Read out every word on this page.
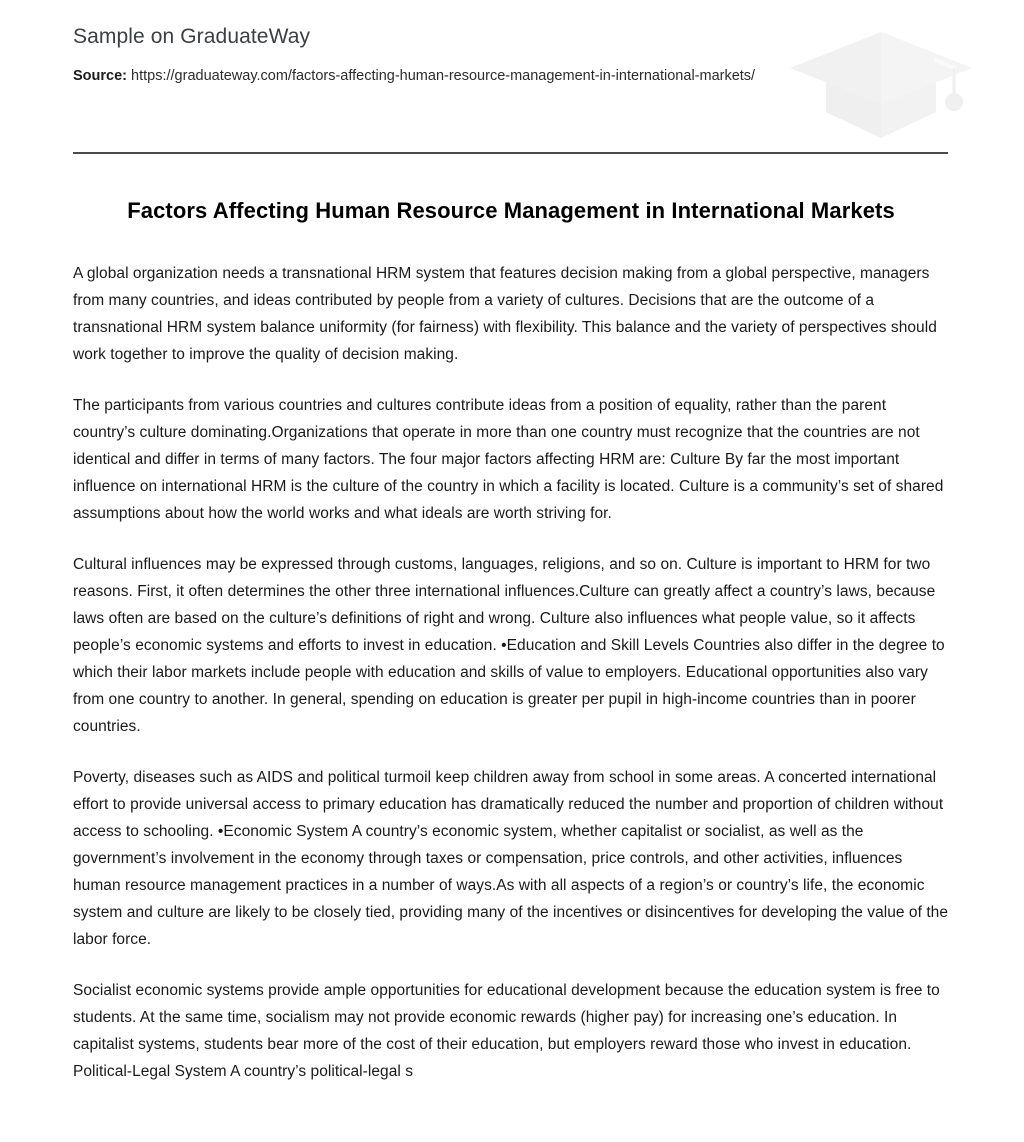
Sample on GraduateWay
Source: https://graduateway.com/factors-affecting-human-resource-management-in-international-markets/
Factors Affecting Human Resource Management in International Markets

A global organization needs a transnational HRM system that features decision making from a global perspective, managers from many countries, and ideas contributed by people from a variety of cultures. Decisions that are the outcome of a transnational HRM system balance uniformity (for fairness) with flexibility. This balance and the variety of perspectives should work together to improve the quality of decision making.

The participants from various countries and cultures contribute ideas from a position of equality, rather than the parent country’s culture dominating.Organizations that operate in more than one country must recognize that the countries are not identical and differ in terms of many factors. The four major factors affecting HRM are: Culture By far the most important influence on international HRM is the culture of the country in which a facility is located. Culture is a community’s set of shared assumptions about how the world works and what ideals are worth striving for.

Cultural influences may be expressed through customs, languages, religions, and so on. Culture is important to HRM for two reasons. First, it often determines the other three international influences.Culture can greatly affect a country’s laws, because laws often are based on the culture’s definitions of right and wrong. Culture also influences what people value, so it affects people’s economic systems and efforts to invest in education. •Education and Skill Levels Countries also differ in the degree to which their labor markets include people with education and skills of value to employers. Educational opportunities also vary from one country to another. In general, spending on education is greater per pupil in high-income countries than in poorer countries.

Poverty, diseases such as AIDS and political turmoil keep children away from school in some areas. A concerted international effort to provide universal access to primary education has dramatically reduced the number and proportion of children without access to schooling. •Economic System A country’s economic system, whether capitalist or socialist, as well as the government’s involvement in the economy through taxes or compensation, price controls, and other activities, influences human resource management practices in a number of ways.As with all aspects of a region’s or country’s life, the economic system and culture are likely to be closely tied, providing many of the incentives or disincentives for developing the value of the labor force.

Socialist economic systems provide ample opportunities for educational development because the education system is free to students. At the same time, socialism may not provide economic rewards (higher pay) for increasing one’s education. In capitalist systems, students bear more of the cost of their education, but employers reward those who invest in education. Political-Legal System A country’s political-legal s
